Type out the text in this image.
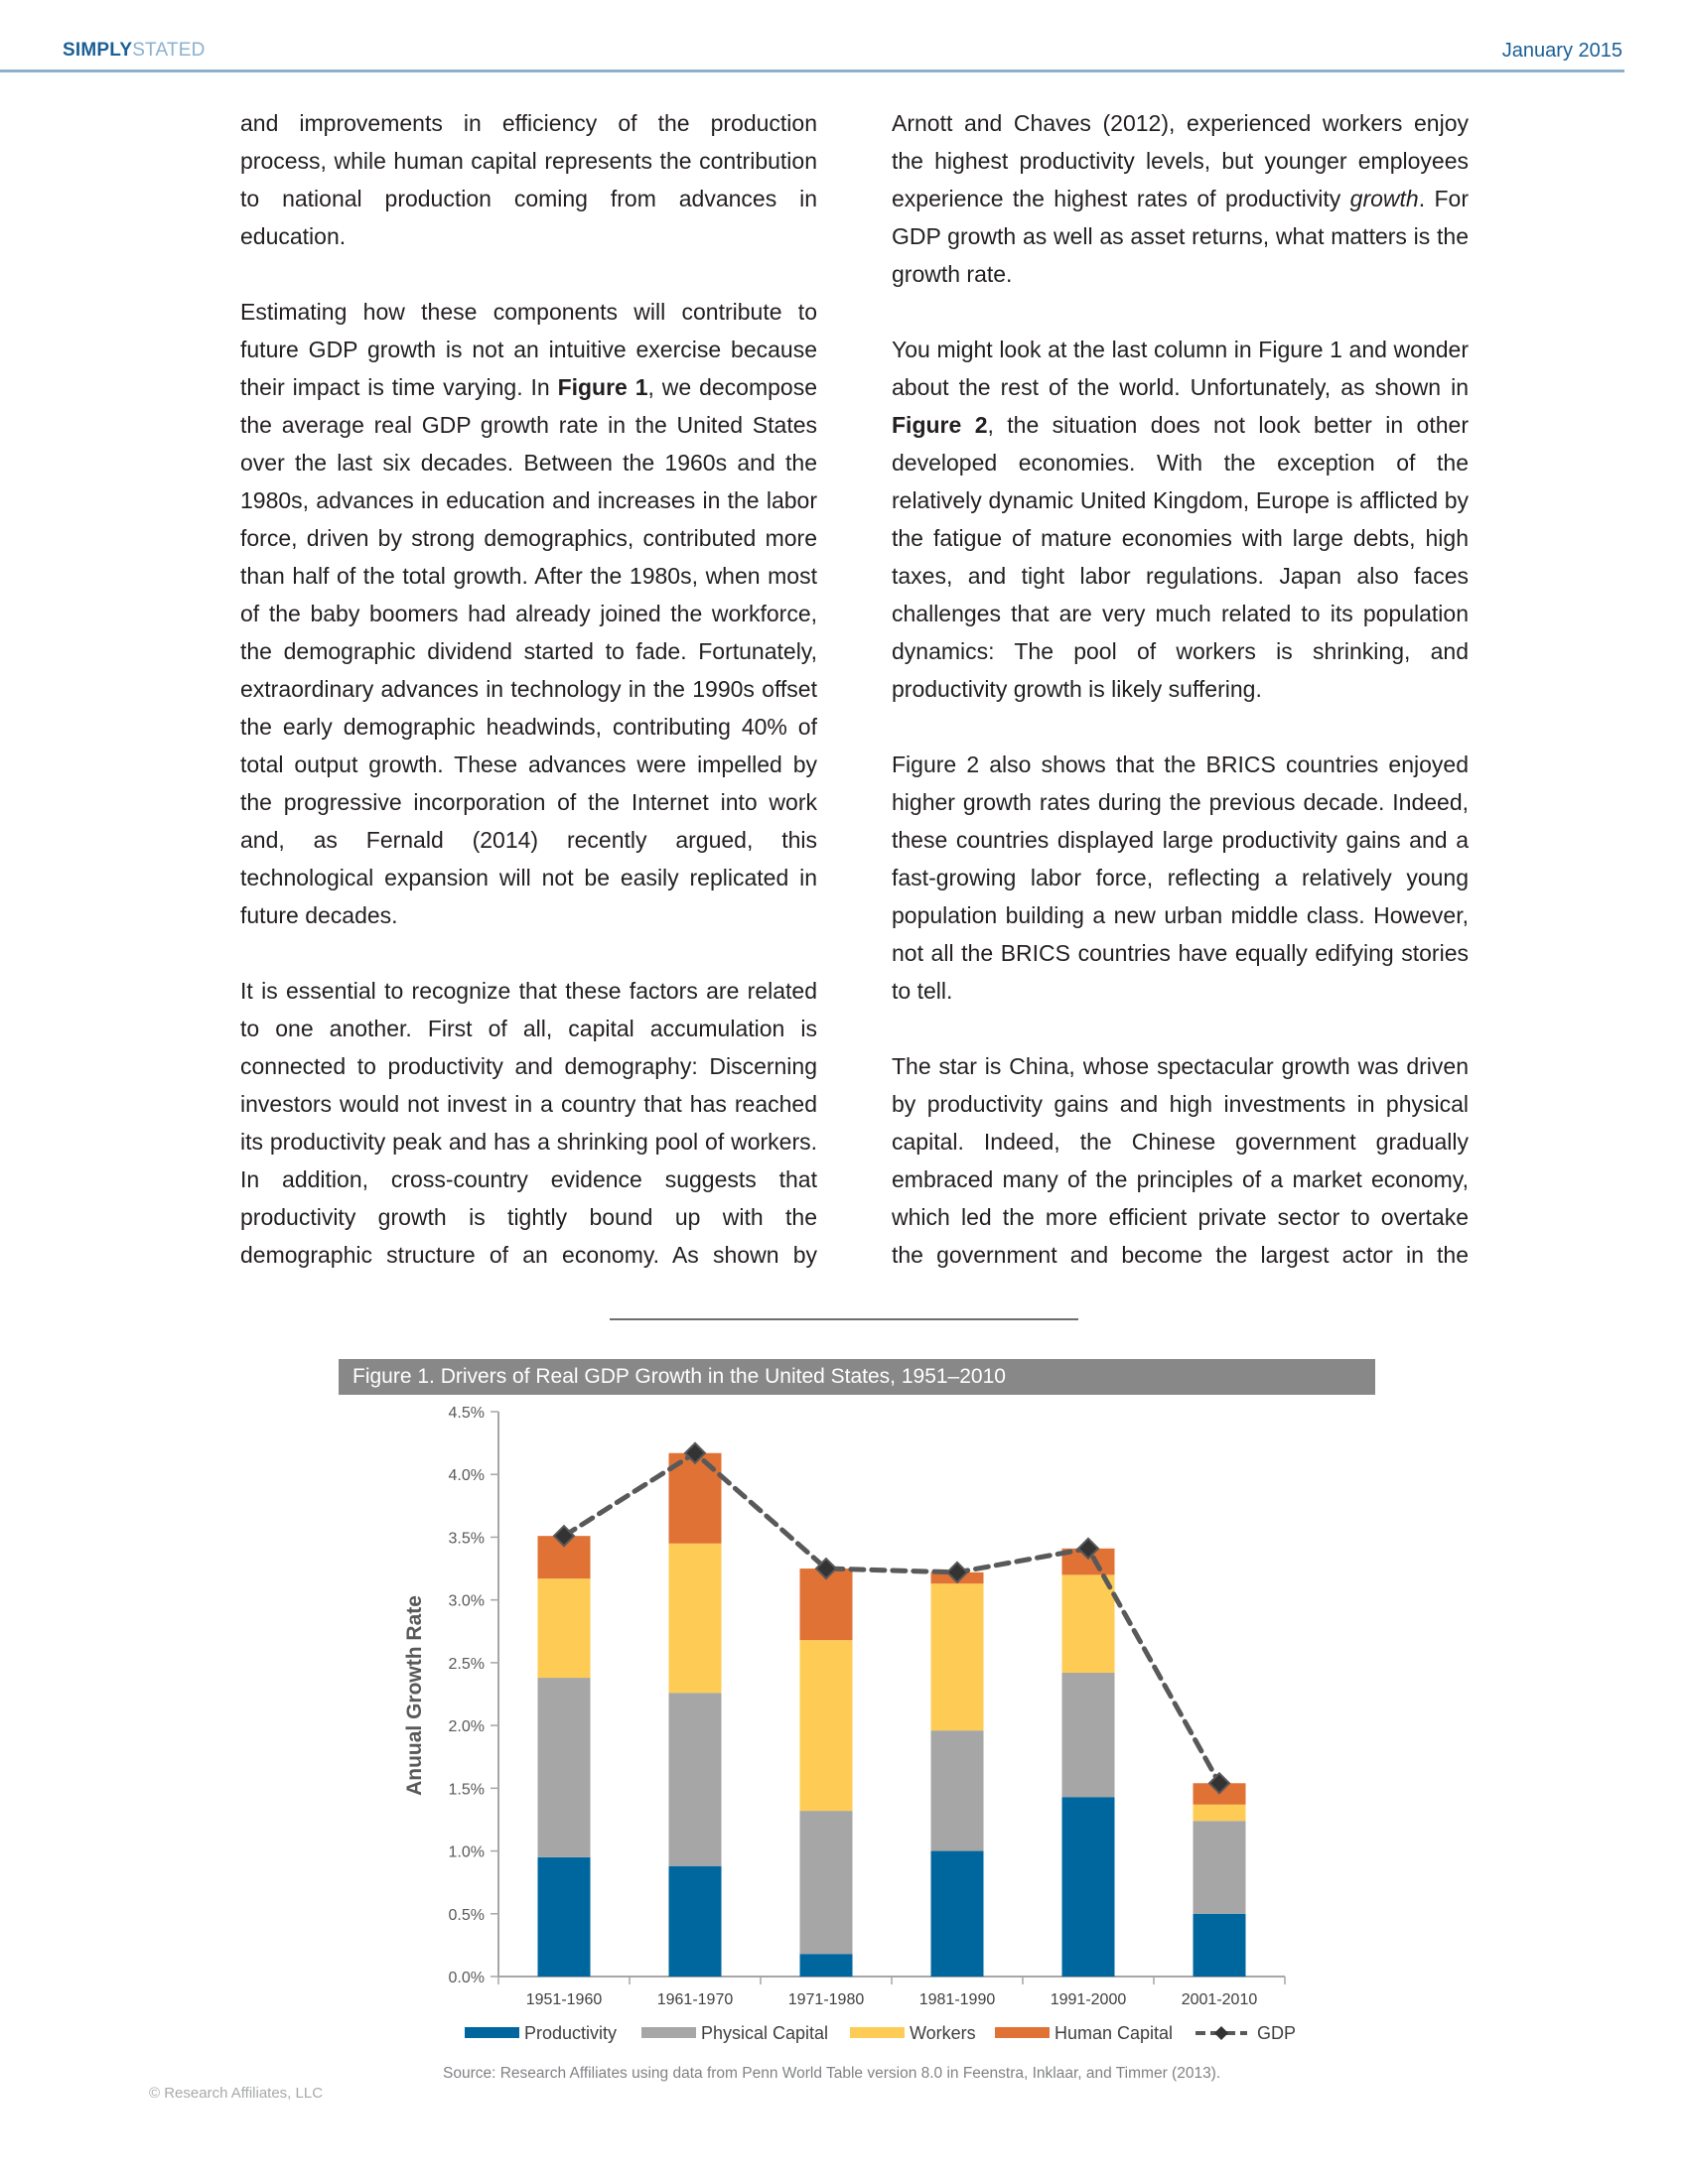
SIMPLYSTATED	January 2015

and improvements in efficiency of the production process, while human capital represents the contribution to national production coming from advances in education.

Estimating how these components will contribute to future GDP growth is not an intuitive exercise because their impact is time varying. In Figure 1, we decompose the average real GDP growth rate in the United States over the last six decades. Between the 1960s and the 1980s, advances in education and increases in the labor force, driven by strong demographics, contributed more than half of the total growth. After the 1980s, when most of the baby boomers had already joined the workforce, the demographic dividend started to fade. Fortunately, extraordinary advances in technology in the 1990s offset the early demographic headwinds, contributing 40% of total output growth. These advances were impelled by the progressive incorporation of the Internet into work and, as Fernald (2014) recently argued, this technological expansion will not be easily replicated in future decades.

It is essential to recognize that these factors are related to one another. First of all, capital accumulation is connected to productivity and demography: Discerning investors would not invest in a country that has reached its productivity peak and has a shrinking pool of workers. In addition, cross-country evidence suggests that productivity growth is tightly bound up with the demographic structure of an economy. As shown by

Arnott and Chaves (2012), experienced workers enjoy the highest productivity levels, but younger employees experience the highest rates of productivity growth. For GDP growth as well as asset returns, what matters is the growth rate.

You might look at the last column in Figure 1 and wonder about the rest of the world. Unfortunately, as shown in Figure 2, the situation does not look better in other developed economies. With the exception of the relatively dynamic United Kingdom, Europe is afflicted by the fatigue of mature economies with large debts, high taxes, and tight labor regulations. Japan also faces challenges that are very much related to its population dynamics: The pool of workers is shrinking, and productivity growth is likely suffering.

Figure 2 also shows that the BRICS countries enjoyed higher growth rates during the previous decade. Indeed, these countries displayed large productivity gains and a fast-growing labor force, reflecting a relatively young population building a new urban middle class. However, not all the BRICS countries have equally edifying stories to tell.

The star is China, whose spectacular growth was driven by productivity gains and high investments in physical capital. Indeed, the Chinese government gradually embraced many of the principles of a market economy, which led the more efficient private sector to overtake the government and become the largest actor in the

Figure 1. Drivers of Real GDP Growth in the United States, 1951–2010
0.0%
0.5%
1.0%
1.5%
2.0%
2.5%
3.0%
3.5%
4.0%
4.5%
Anuual Growth Rate
1951-1960	1961-1970	1971-1980	1981-1990	1991-2000	2001-2010
Productivity	Physical Capital	Workers	Human Capital	GDP
Source: Research Affiliates using data from Penn World Table version 8.0 in Feenstra, Inklaar, and Timmer (2013).
© Research Affiliates, LLC
